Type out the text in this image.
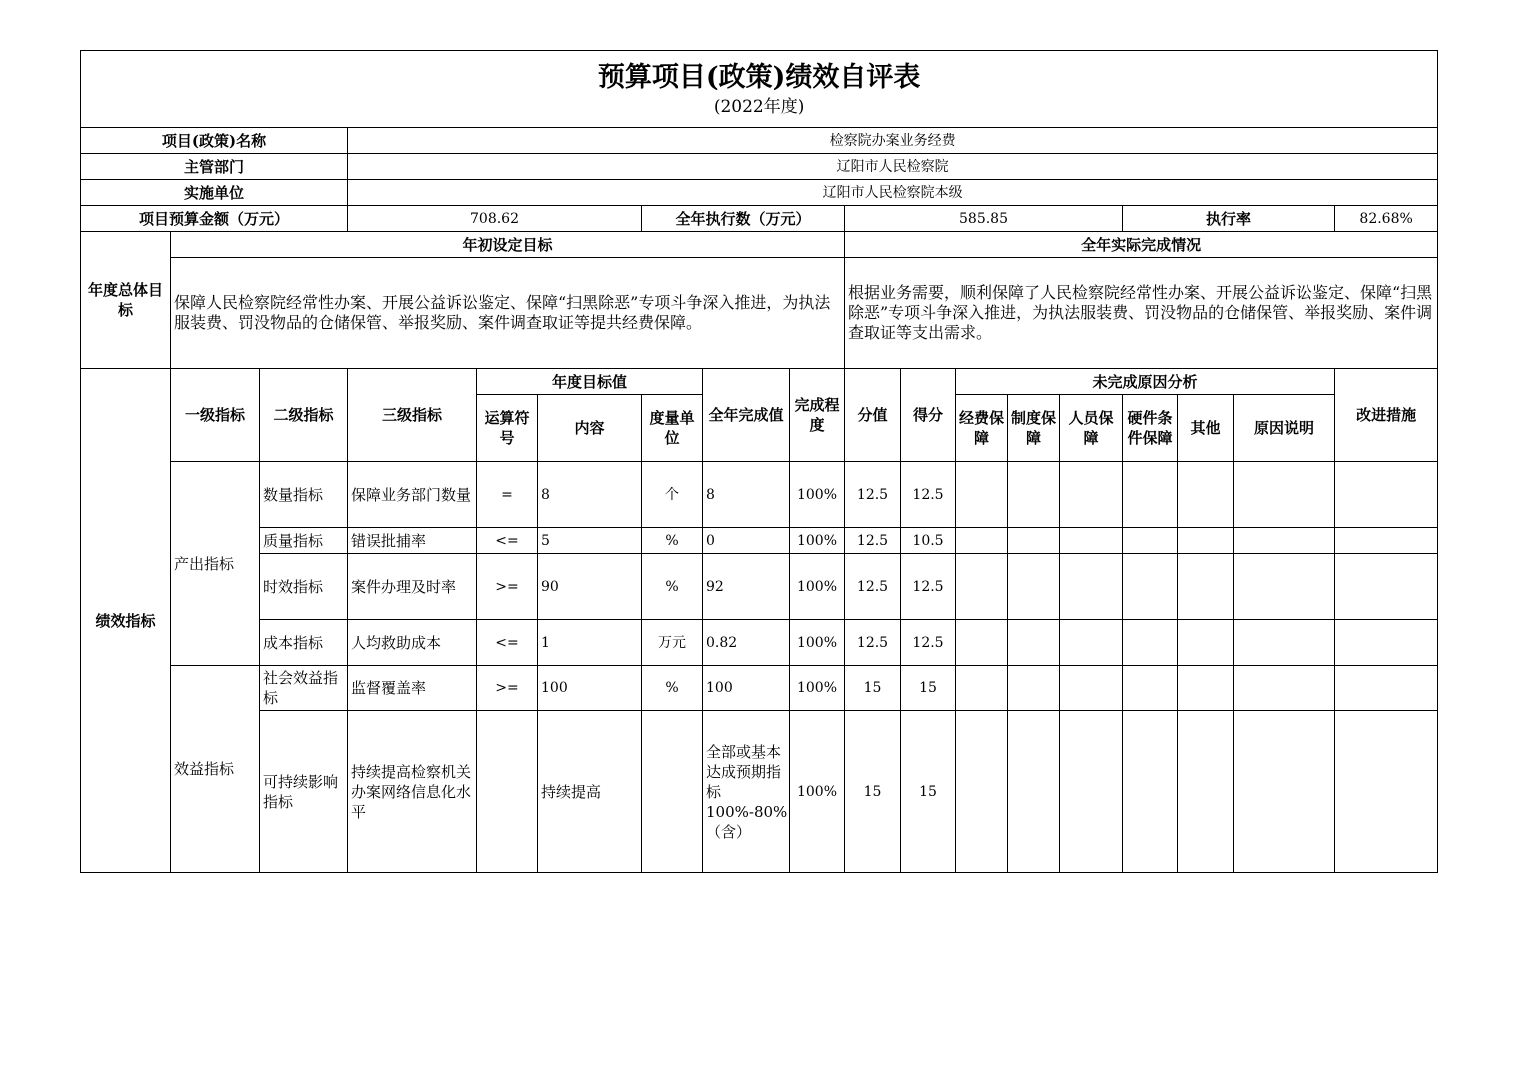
预算项目(政策)绩效自评表
(2022年度)																	

项目(政策)名称			检察院办案业务经费														
主管部门			辽阳市人民检察院														
实施单位			辽阳市人民检察院本级														
项目预算金额（万元）			708.62			全年执行数（万元）			585.85					执行率			82.68%
年度总体目标	年初设定目标								全年实际完成情况								
	保障人民检察院经常性办案、开展公益诉讼鉴定、保障“扫黑除恶”专项斗争深入推进，为执法服装费、罚没物品的仓储保管、举报奖励、案件调查取证等提共经费保障。								根据业务需要，顺利保障了人民检察院经常性办案、开展公益诉讼鉴定、保障“扫黑除恶”专项斗争深入推进，为执法服装费、罚没物品的仓储保管、举报奖励、案件调查取证等支出需求。								
绩效指标	一级指标	二级指标	三级指标	年度目标值			全年完成值	完成程度	分值	得分	未完成原因分析						改进措施
				运算符号	内容	度量单位					经费保障	制度保障	人员保障	硬件条件保障	其他	原因说明	
	产出指标	数量指标	保障业务部门数量	=	8	个	8	100%	12.5	12.5							
		质量指标	错误批捕率	<=	5	%	0	100%	12.5	10.5							
		时效指标	案件办理及时率	>=	90	%	92	100%	12.5	12.5							
		成本指标	人均救助成本	<=	1	万元	0.82	100%	12.5	12.5							
	效益指标	社会效益指标	监督覆盖率	>=	100	%	100	100%	15	15							
		可持续影响指标	持续提高检察机关办案网络信息化水平		持续提高		全部或基本达成预期指标100%-80%（含）	100%	15	15							
